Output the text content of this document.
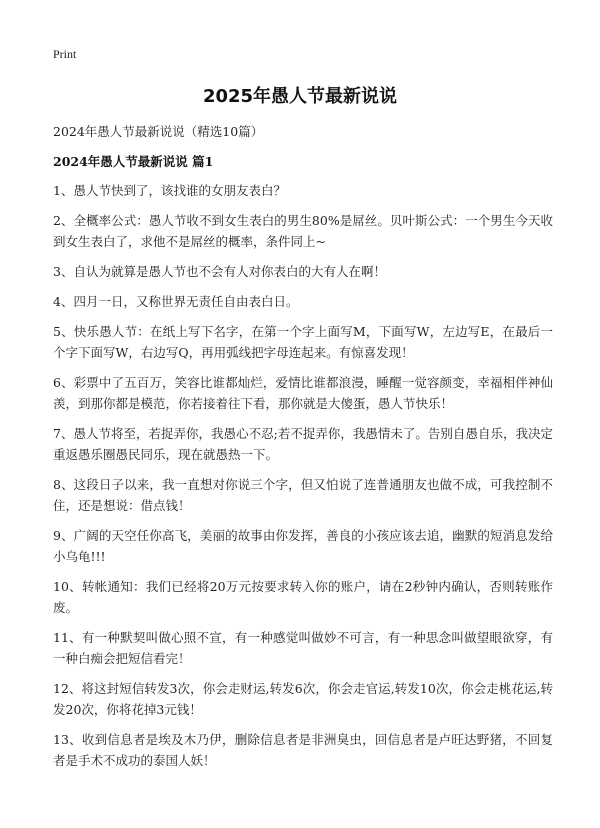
Print
2025年愚人节最新说说
2024年愚人节最新说说（精选10篇）
2024年愚人节最新说说 篇1

1、愚人节快到了，该找谁的女朋友表白？

2、全概率公式：愚人节收不到女生表白的男生80%是屌丝。贝叶斯公式：一个男生今天收到女生表白了，求他不是屌丝的概率，条件同上~

3、自认为就算是愚人节也不会有人对你表白的大有人在啊！

4、四月一日，又称世界无责任自由表白日。

5、快乐愚人节：在纸上写下名字，在第一个字上面写M，下面写W，左边写E，在最后一个字下面写W，右边写Q，再用弧线把字母连起来。有惊喜发现！

6、彩票中了五百万，笑容比谁都灿烂，爱情比谁都浪漫，睡醒一觉容颜变，幸福相伴神仙羡，到那你都是模范，你若接着往下看，那你就是大傻蛋，愚人节快乐！

7、愚人节将至，若捉弄你，我愚心不忍;若不捉弄你，我愚情未了。告别自愚自乐，我决定重返愚乐圈愚民同乐，现在就愚热一下。

8、这段日子以来，我一直想对你说三个字，但又怕说了连普通朋友也做不成，可我控制不住，还是想说：借点钱！

9、广阔的天空任你高飞，美丽的故事由你发挥，善良的小孩应该去追，幽默的短消息发给小乌龟!!!

10、转帐通知：我们已经将20万元按要求转入你的账户，请在2秒钟内确认，否则转账作废。

11、有一种默契叫做心照不宣，有一种感觉叫做妙不可言，有一种思念叫做望眼欲穿，有一种白痴会把短信看完！

12、将这封短信转发3次，你会走财运,转发6次，你会走官运,转发10次，你会走桃花运,转发20次，你将花掉3元钱！

13、收到信息者是埃及木乃伊，删除信息者是非洲臭虫，回信息者是卢旺达野猪，不回复者是手术不成功的泰国人妖！
